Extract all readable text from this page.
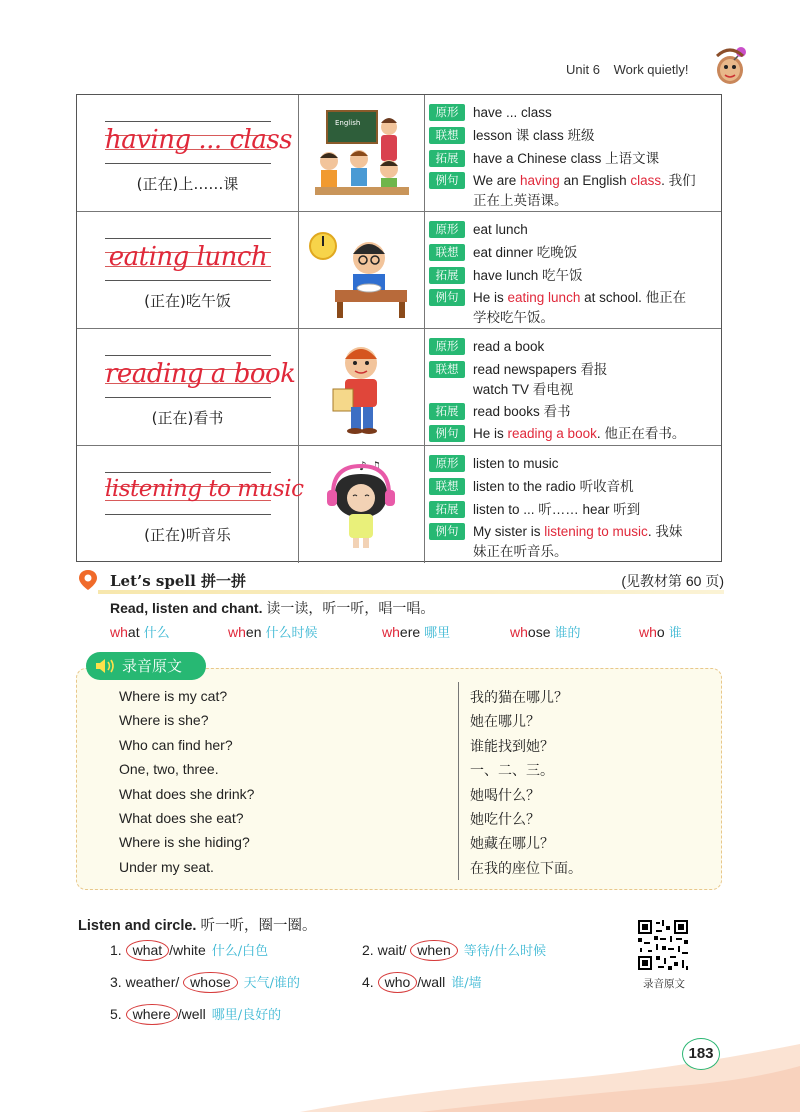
Unit 6 Work quietly!
having ... class
(正在)上……课
English
原形 have ... class
联想 lesson 课 class 班级
拓展 have a Chinese class 上语文课
例句 We are having an English class. 我们
正在上英语课。
eating lunch
(正在)吃午饭
原形 eat lunch
联想 eat dinner 吃晚饭
拓展 have lunch 吃午饭
例句 He is eating lunch at school. 他正在
学校吃午饭。
reading a book
(正在)看书
原形 read a book
联想 read newspapers 看报
watch TV 看电视
拓展 read books 看书
例句 He is reading a book. 他正在看书。
listening to music
(正在)听音乐
♪ ♫	原形 listen to music
联想 listen to the radio 听收音机
拓展 listen to ... 听…… hear 听到
例句 My sister is listening to music. 我妹
妹正在听音乐。
Let’s spell 拼一拼	(见教材第 60 页)
Read, listen and chant. 读一读，听一听，唱一唱。
what 什么	when 什么时候	where 哪里	whose 谁的	who 谁
录音原文
Where is my cat?	我的猫在哪儿？
Where is she?	她在哪儿？
Who can find her?	谁能找到她？
One, two, three.	一、二、三。
What does she drink?	她喝什么？
What does she eat?	她吃什么？
Where is she hiding?	她藏在哪儿？
Under my seat.	在我的座位下面。
Listen and circle. 听一听，圈一圈。
1. what /white 什么/白色	2. wait/ when 等待/什么时候
3. weather/ whose 天气/谁的	4. who /wall 谁/墙
5. where /well 哪里/良好的
录音原文
183
